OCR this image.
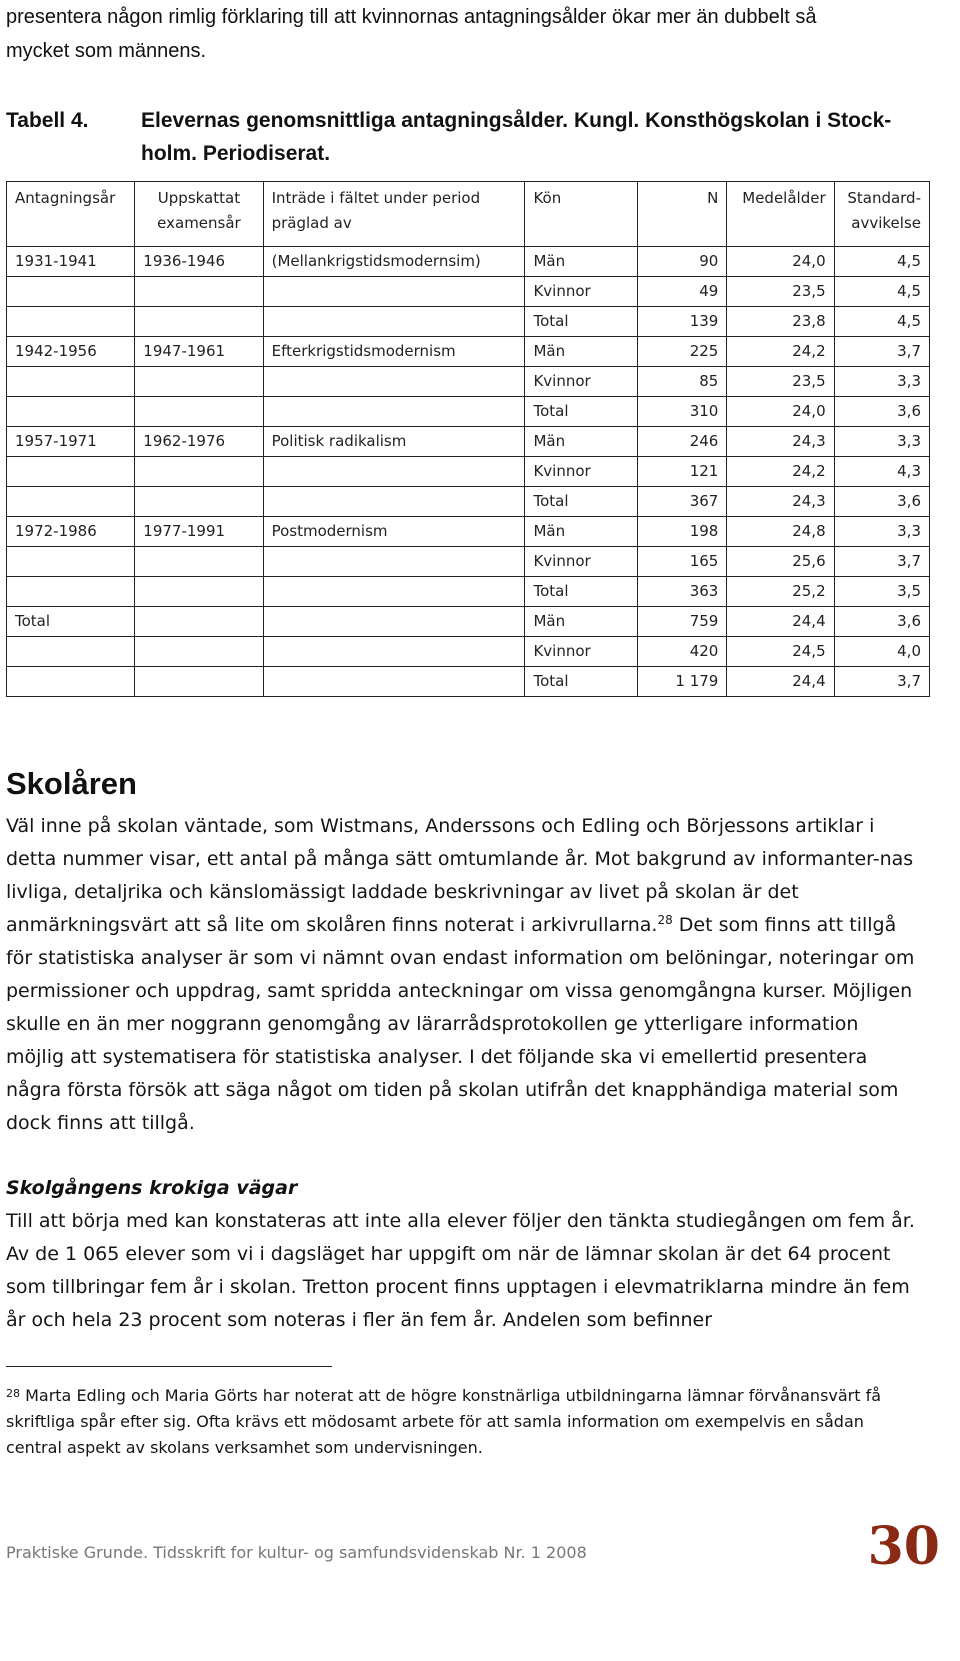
presentera någon rimlig förklaring till att kvinnornas antagningsålder ökar mer än dubbelt så
mycket som männens.
Tabell 4.	Elevernas genomsnittliga antagningsålder. Kungl. Konsthögskolan i Stock-holm. Periodiserat.
Antagningsår	Uppskattat examensår	Inträde i fältet under period präglad av	Kön	N	Medelålder	Standard-avvikelse
1931-1941	1936-1946	(Mellankrigstidsmodernsim)	Män	90	24,0	4,5
			Kvinnor	49	23,5	4,5
			Total	139	23,8	4,5
1942-1956	1947-1961	Efterkrigstidsmodernism	Män	225	24,2	3,7
			Kvinnor	85	23,5	3,3
			Total	310	24,0	3,6
1957-1971	1962-1976	Politisk radikalism	Män	246	24,3	3,3
			Kvinnor	121	24,2	4,3
			Total	367	24,3	3,6
1972-1986	1977-1991	Postmodernism	Män	198	24,8	3,3
			Kvinnor	165	25,6	3,7
			Total	363	25,2	3,5
Total			Män	759	24,4	3,6
			Kvinnor	420	24,5	4,0
			Total	1 179	24,4	3,7
Skolåren

Väl inne på skolan väntade, som Wistmans, Anderssons och Edling och Börjessons artiklar i detta nummer visar, ett antal på många sätt omtumlande år. Mot bakgrund av informanter-nas livliga, detaljrika och känslomässigt laddade beskrivningar av livet på skolan är det anmärkningsvärt att så lite om skolåren finns noterat i arkivrullarna.$^{28}$ Det som finns att tillgå för statistiska analyser är som vi nämnt ovan endast information om belöningar, noteringar om permissioner och uppdrag, samt spridda anteckningar om vissa genomgångna kurser. Möjligen skulle en än mer noggrann genomgång av lärarrådsprotokollen ge ytterligare information möjlig att systematisera för statistiska analyser. I det följande ska vi emellertid presentera några första försök att säga något om tiden på skolan utifrån det knapphändiga material som dock finns att tillgå.

Skolgångens krokiga vägar

Till att börja med kan konstateras att inte alla elever följer den tänkta studiegången om fem år. Av de 1 065 elever som vi i dagsläget har uppgift om när de lämnar skolan är det 64 procent som tillbringar fem år i skolan. Tretton procent finns upptagen i elevmatriklarna mindre än fem år och hela 23 procent som noteras i fler än fem år. Andelen som befinner

$^{28}$ Marta Edling och Maria Görts har noterat att de högre konstnärliga utbildningarna lämnar förvånansvärt få skriftliga spår efter sig. Ofta krävs ett mödosamt arbete för att samla information om exempelvis en sådan central aspekt av skolans verksamhet som undervisningen.
Praktiske Grunde. Tidsskrift for kultur- og samfundsvidenskab Nr. 1 2008	30
